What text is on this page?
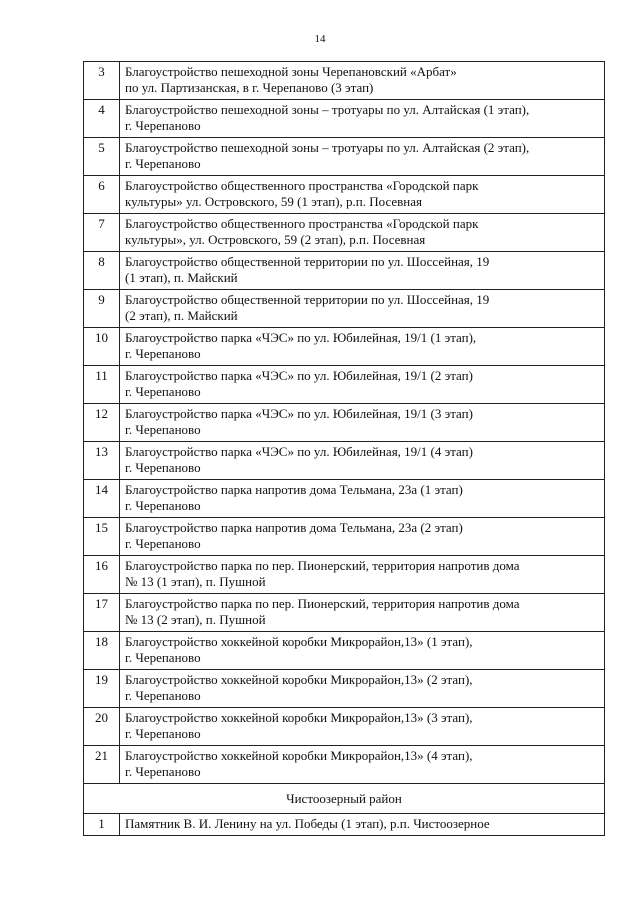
14
3	Благоустройство пешеходной зоны Черепановский «Арбат»
по ул. Партизанская, в г. Черепаново (3 этап)

4	Благоустройство пешеходной зоны – тротуары по ул. Алтайская (1 этап),
г. Черепаново

5	Благоустройство пешеходной зоны – тротуары по ул. Алтайская (2 этап),
г. Черепаново

6	Благоустройство общественного пространства «Городской парк
культуры» ул. Островского, 59 (1 этап), р.п. Посевная

7	Благоустройство общественного пространства «Городской парк
культуры», ул. Островского, 59 (2 этап), р.п. Посевная

8	Благоустройство общественной территории по ул. Шоссейная, 19
(1 этап), п. Майский

9	Благоустройство общественной территории по ул. Шоссейная, 19
(2 этап), п. Майский

10	Благоустройство парка «ЧЭС» по ул. Юбилейная, 19/1 (1 этап),
г. Черепаново

11	Благоустройство парка «ЧЭС» по ул. Юбилейная, 19/1 (2 этап)
г. Черепаново

12	Благоустройство парка «ЧЭС» по ул. Юбилейная, 19/1 (3 этап)
г. Черепаново

13	Благоустройство парка «ЧЭС» по ул. Юбилейная, 19/1 (4 этап)
г. Черепаново

14	Благоустройство парка напротив дома Тельмана, 23а (1 этап)
г. Черепаново

15	Благоустройство парка напротив дома Тельмана, 23а (2 этап)
г. Черепаново

16	Благоустройство парка по пер. Пионерский, территория напротив дома
№ 13 (1 этап), п. Пушной

17	Благоустройство парка по пер. Пионерский, территория напротив дома
№ 13 (2 этап), п. Пушной

18	Благоустройство хоккейной коробки Микрорайон,13» (1 этап),
г. Черепаново

19	Благоустройство хоккейной коробки Микрорайон,13» (2 этап),
г. Черепаново

20	Благоустройство хоккейной коробки Микрорайон,13» (3 этап),
г. Черепаново

21	Благоустройство хоккейной коробки Микрорайон,13» (4 этап),
г. Черепаново

Чистоозерный район	
1	Памятник В. И. Ленину на ул. Победы (1 этап), р.п. Чистоозерное
